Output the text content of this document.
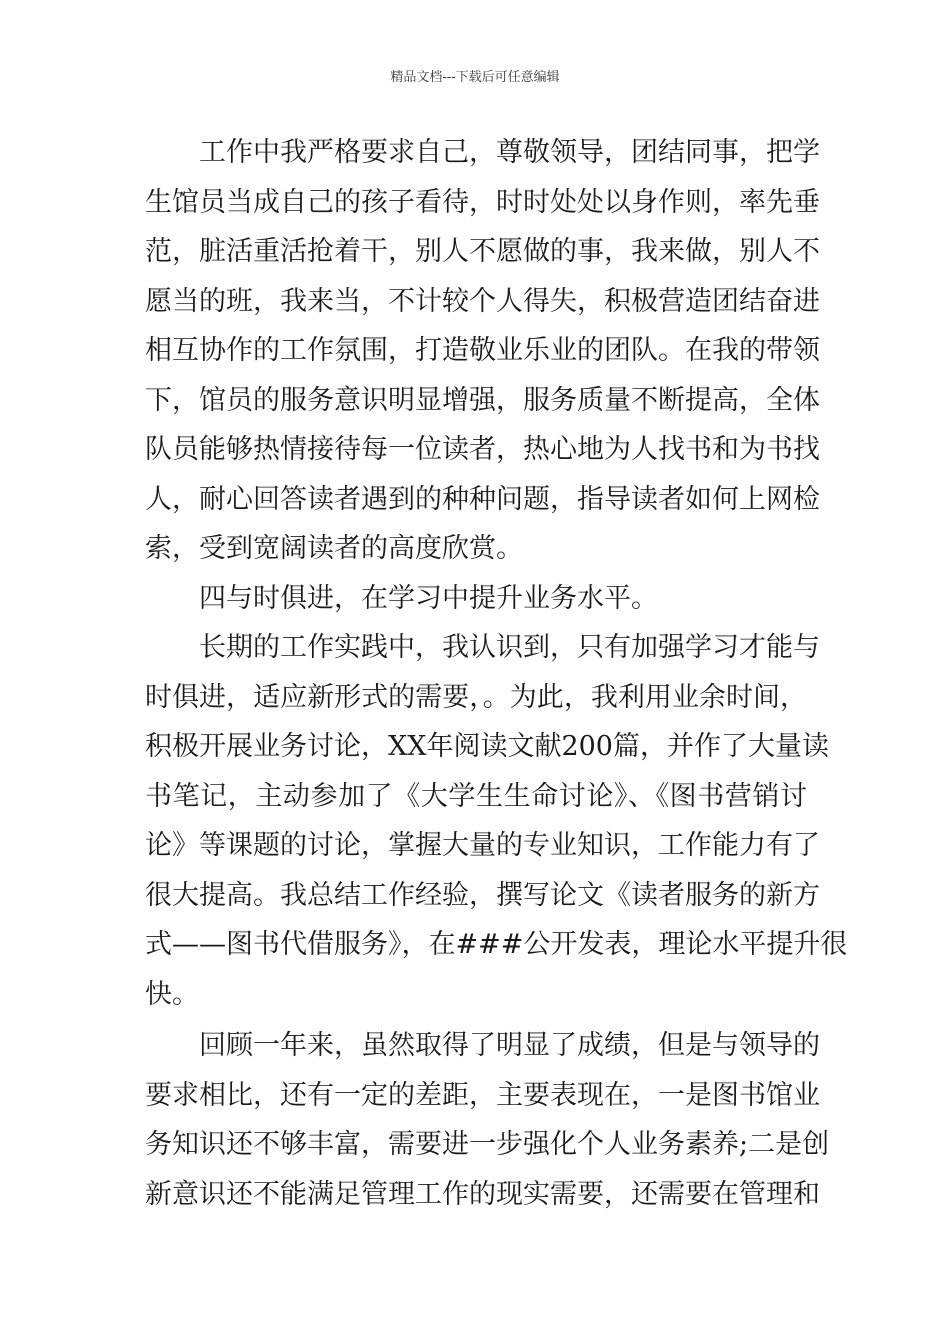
精品文档---下载后可任意编辑
工作中我严格要求自己，尊敬领导，团结同事，把学
生馆员当成自己的孩子看待，时时处处以身作则，率先垂
范，脏活重活抢着干，别人不愿做的事，我来做，别人不
愿当的班，我来当，不计较个人得失，积极营造团结奋进
相互协作的工作氛围，打造敬业乐业的团队。在我的带领
下，馆员的服务意识明显增强，服务质量不断提高，全体
队员能够热情接待每一位读者，热心地为人找书和为书找
人，耐心回答读者遇到的种种问题，指导读者如何上网检
索，受到宽阔读者的高度欣赏。
四与时俱进，在学习中提升业务水平。
长期的工作实践中，我认识到，只有加强学习才能与
时俱进，适应新形式的需要，。为此，我利用业余时间，
积极开展业务讨论，XX年阅读文献200篇，并作了大量读
书笔记，主动参加了《大学生生命讨论》、《图书营销讨
论》等课题的讨论，掌握大量的专业知识，工作能力有了
很大提高。我总结工作经验，撰写论文《读者服务的新方
式——图书代借服务》，在###公开发表，理论水平提升很
快。
回顾一年来，虽然取得了明显了成绩，但是与领导的
要求相比，还有一定的差距，主要表现在，一是图书馆业
务知识还不够丰富，需要进一步强化个人业务素养;二是创
新意识还不能满足管理工作的现实需要，还需要在管理和
